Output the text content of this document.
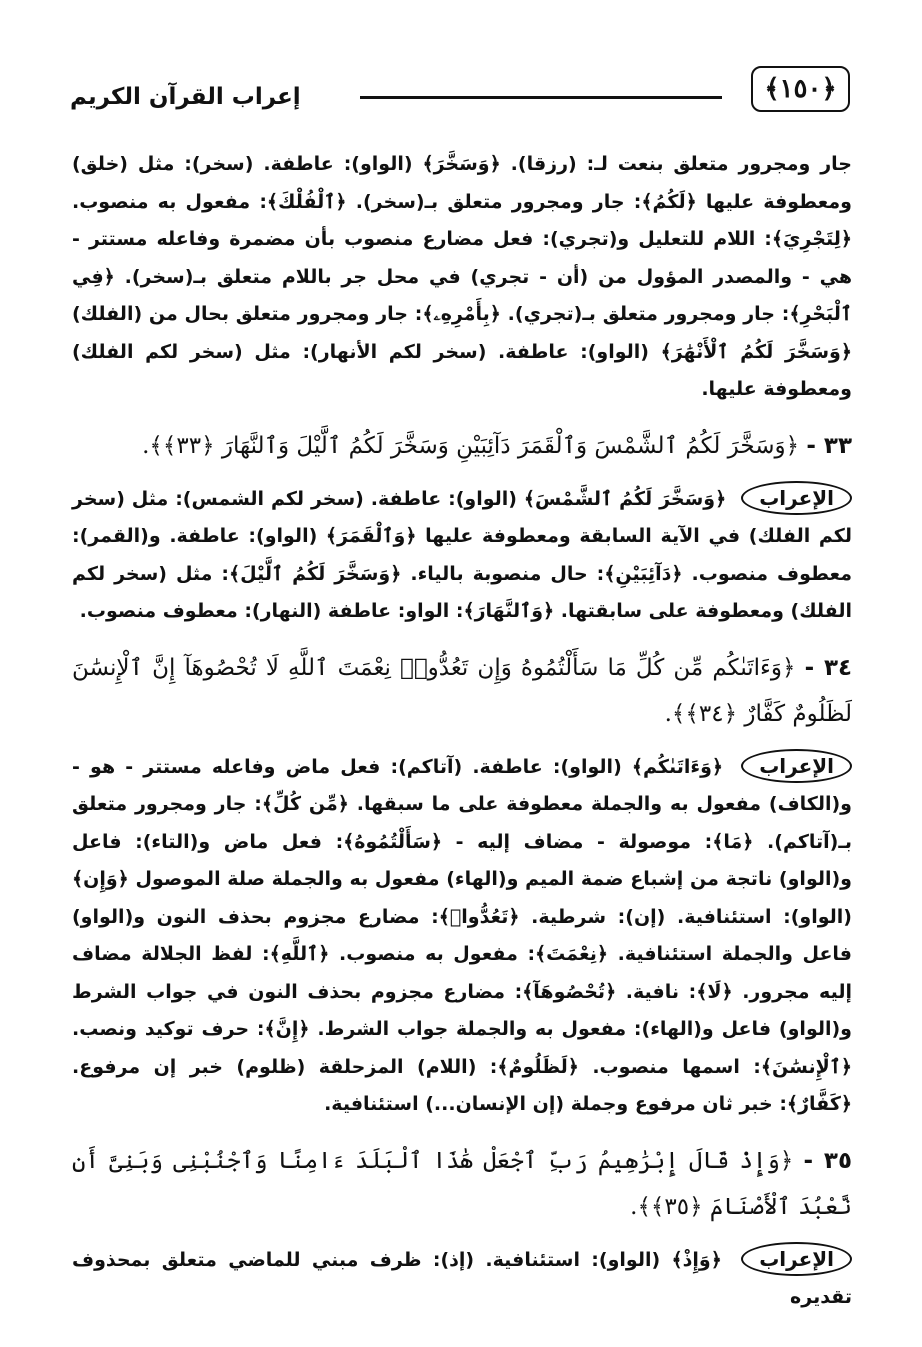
﴿١٥٠﴾
إعراب القرآن الكريم

جار ومجرور متعلق بنعت لـ: (رزقا). ﴿وَسَخَّرَ﴾ (الواو): عاطفة. (سخر): مثل (خلق) ومعطوفة عليها ﴿لَكُمُ﴾: جار ومجرور متعلق بـ(سخر). ﴿ٱلْفُلْكَ﴾: مفعول به منصوب. ﴿لِتَجْرِيَ﴾: اللام للتعليل و(تجري): فعل مضارع منصوب بأن مضمرة وفاعله مستتر - هي - والمصدر المؤول من (أن - تجري) في محل جر باللام متعلق بـ(سخر). ﴿فِي ٱلْبَحْرِ﴾: جار ومجرور متعلق بـ(تجري). ﴿بِأَمْرِهِۦ﴾: جار ومجرور متعلق بحال من (الفلك) ﴿وَسَخَّرَ لَكُمُ ٱلْأَنْهَٰرَ﴾ (الواو): عاطفة. (سخر لكم الأنهار): مثل (سخر لكم الفلك) ومعطوفة عليها.

٣٣ - ﴿وَسَخَّرَ لَكُمُ ٱلشَّمْسَ وَٱلْقَمَرَ دَآئِبَيْنِ وَسَخَّرَ لَكُمُ ٱلَّيْلَ وَٱلنَّهَارَ ﴿٣٣﴾﴾.

الإعراب ﴿وَسَخَّرَ لَكُمُ ٱلشَّمْسَ﴾ (الواو): عاطفة. (سخر لكم الشمس): مثل (سخر لكم الفلك) في الآية السابقة ومعطوفة عليها ﴿وَٱلْقَمَرَ﴾ (الواو): عاطفة. و(القمر): معطوف منصوب. ﴿دَآئِبَيْنِ﴾: حال منصوبة بالياء. ﴿وَسَخَّرَ لَكُمُ ٱلَّيْلَ﴾: مثل (سخر لكم الفلك) ومعطوفة على سابقتها. ﴿وَٱلنَّهَارَ﴾: الواو: عاطفة (النهار): معطوف منصوب.

٣٤ - ﴿وَءَاتَىٰكُم مِّن كُلِّ مَا سَأَلْتُمُوهُ وَإِن تَعُدُّوا۟ نِعْمَتَ ٱللَّهِ لَا تُحْصُوهَآ إِنَّ ٱلْإِنسَٰنَ لَظَلُومٌ كَفَّارٌ ﴿٣٤﴾﴾.

الإعراب ﴿وَءَاتَىٰكُم﴾ (الواو): عاطفة. (آتاكم): فعل ماض وفاعله مستتر - هو - و(الكاف) مفعول به والجملة معطوفة على ما سبقها. ﴿مِّن كُلِّ﴾: جار ومجرور متعلق بـ(آتاكم). ﴿مَا﴾: موصولة - مضاف إليه - ﴿سَأَلْتُمُوهُ﴾: فعل ماض و(التاء): فاعل و(الواو) ناتجة من إشباع ضمة الميم و(الهاء) مفعول به والجملة صلة الموصول ﴿وَإِن﴾ (الواو): استئنافية. (إن): شرطية. ﴿تَعُدُّوا۟﴾: مضارع مجزوم بحذف النون و(الواو) فاعل والجملة استئنافية. ﴿نِعْمَتَ﴾: مفعول به منصوب. ﴿ٱللَّهِ﴾: لفظ الجلالة مضاف إليه مجرور. ﴿لَا﴾: نافية. ﴿تُحْصُوهَآ﴾: مضارع مجزوم بحذف النون في جواب الشرط و(الواو) فاعل و(الهاء): مفعول به والجملة جواب الشرط. ﴿إِنَّ﴾: حرف توكيد ونصب. ﴿ٱلْإِنسَٰنَ﴾: اسمها منصوب. ﴿لَظَلُومٌ﴾: (اللام) المزحلقة (ظلوم) خبر إن مرفوع. ﴿كَفَّارٌ﴾: خبر ثان مرفوع وجملة (إن الإنسان...) استئنافية.

٣٥ - ﴿وَإِذْ قَالَ إِبْرَٰهِيمُ رَبِّ ٱجْعَلْ هَٰذَا ٱلْبَلَدَ ءَامِنًا وَٱجْنُبْنِى وَبَنِىَّ أَن نَّعْبُدَ ٱلْأَصْنَامَ ﴿٣٥﴾﴾.

الإعراب ﴿وَإِذْ﴾ (الواو): استئنافية. (إذ): ظرف مبني للماضي متعلق بمحذوف تقديره
